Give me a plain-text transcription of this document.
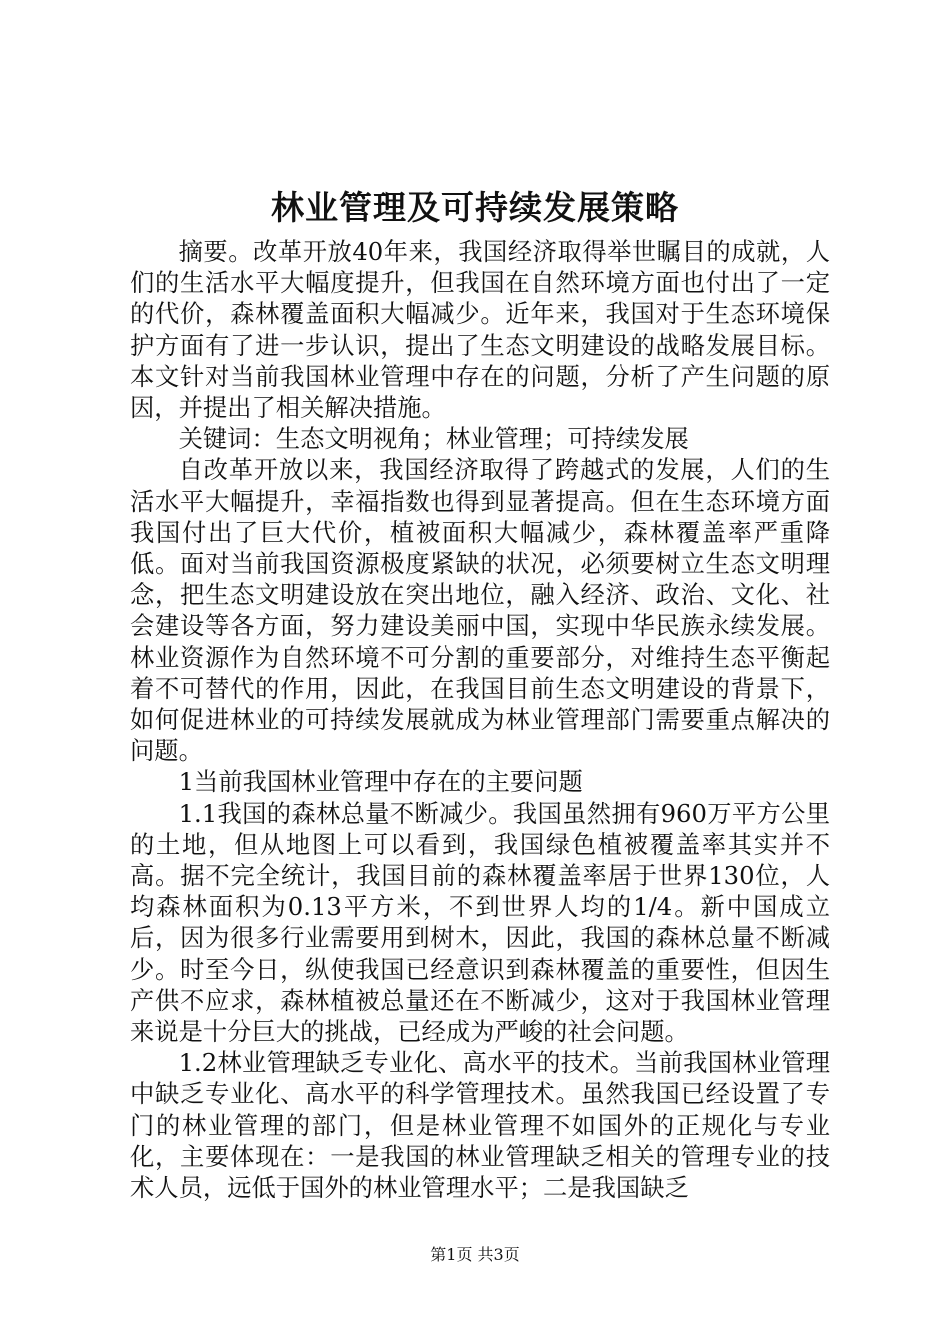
林业管理及可持续发展策略

摘要。改革开放40年来，我国经济取得举世瞩目的成就，人们的生活水平大幅度提升，但我国在自然环境方面也付出了一定的代价，森林覆盖面积大幅减少。近年来，我国对于生态环境保护方面有了进一步认识，提出了生态文明建设的战略发展目标。本文针对当前我国林业管理中存在的问题，分析了产生问题的原因，并提出了相关解决措施。

关键词：生态文明视角；林业管理；可持续发展

自改革开放以来，我国经济取得了跨越式的发展，人们的生活水平大幅提升，幸福指数也得到显著提高。但在生态环境方面我国付出了巨大代价，植被面积大幅减少，森林覆盖率严重降低。面对当前我国资源极度紧缺的状况，必须要树立生态文明理念，把生态文明建设放在突出地位，融入经济、政治、文化、社会建设等各方面，努力建设美丽中国，实现中华民族永续发展。林业资源作为自然环境不可分割的重要部分，对维持生态平衡起着不可替代的作用，因此，在我国目前生态文明建设的背景下，如何促进林业的可持续发展就成为林业管理部门需要重点解决的问题。

1当前我国林业管理中存在的主要问题

1.1我国的森林总量不断减少。我国虽然拥有960万平方公里的土地，但从地图上可以看到，我国绿色植被覆盖率其实并不高。据不完全统计，我国目前的森林覆盖率居于世界130位，人均森林面积为0.13平方米，不到世界人均的1/4。新中国成立后，因为很多行业需要用到树木，因此，我国的森林总量不断减少。时至今日，纵使我国已经意识到森林覆盖的重要性，但因生产供不应求，森林植被总量还在不断减少，这对于我国林业管理来说是十分巨大的挑战，已经成为严峻的社会问题。

1.2林业管理缺乏专业化、高水平的技术。当前我国林业管理中缺乏专业化、高水平的科学管理技术。虽然我国已经设置了专门的林业管理的部门，但是林业管理不如国外的正规化与专业化，主要体现在：一是我国的林业管理缺乏相关的管理专业的技术人员，远低于国外的林业管理水平；二是我国缺乏

第1页 共3页
